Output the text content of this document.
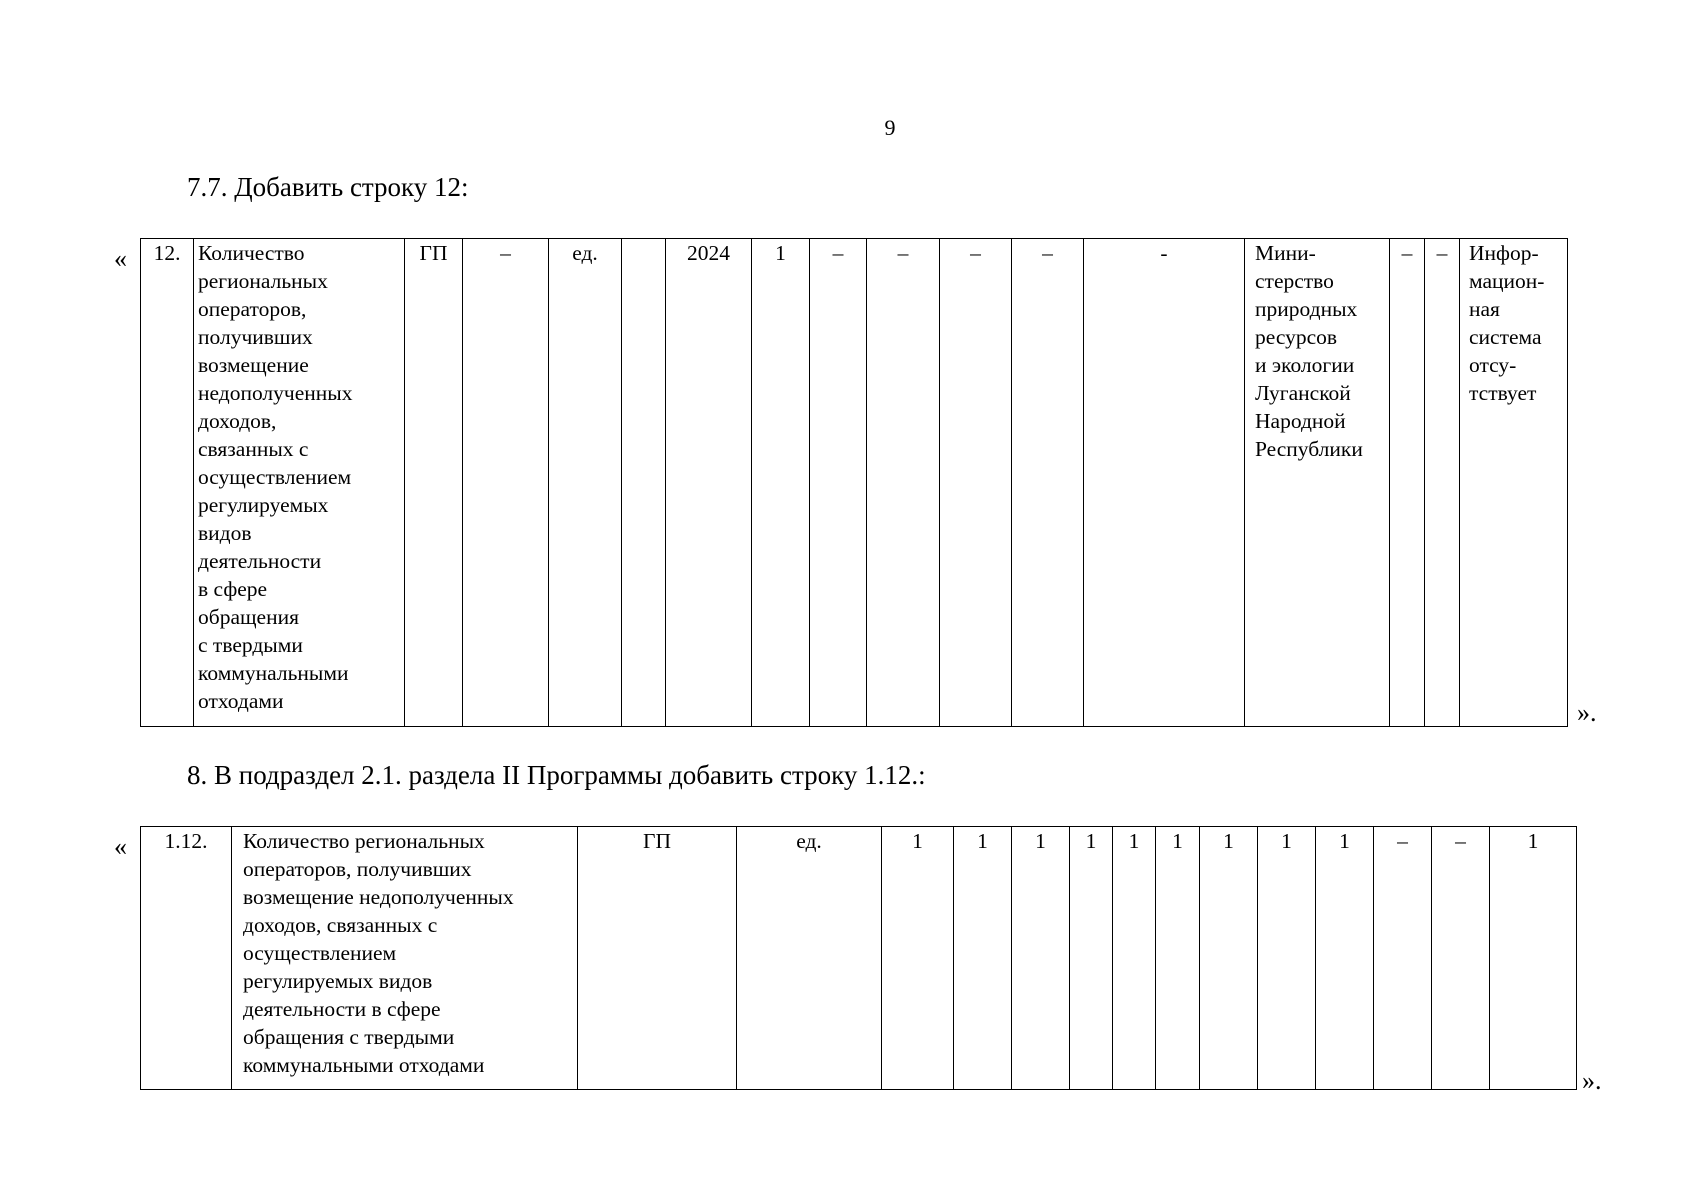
9
7.7. Добавить строку 12:
« 12.	Количество
региональных
операторов,
получивших
возмещение
недополученных
доходов,
связанных с
осуществлением
регулируемых
видов
деятельности
в сфере
обращения
с твердыми
коммунальными
отходами	ГП	–	ед.		2024	1	–	–	–	–	-	Мини-
стерство
природных
ресурсов
и экологии
Луганской
Народной
Республики	–	–	Инфор-
мацион-
ная
система
отсу-
тствует
».
8. В подраздел 2.1. раздела II Программы добавить строку 1.12.:
« 1.12.	Количество региональных
операторов, получивших
возмещение недополученных
доходов, связанных с
осуществлением
регулируемых видов
деятельности в сфере
обращения с твердыми
коммунальными отходами	ГП	ед.	1	1	1	1	1	1	1	1	1	–	–	1
».
